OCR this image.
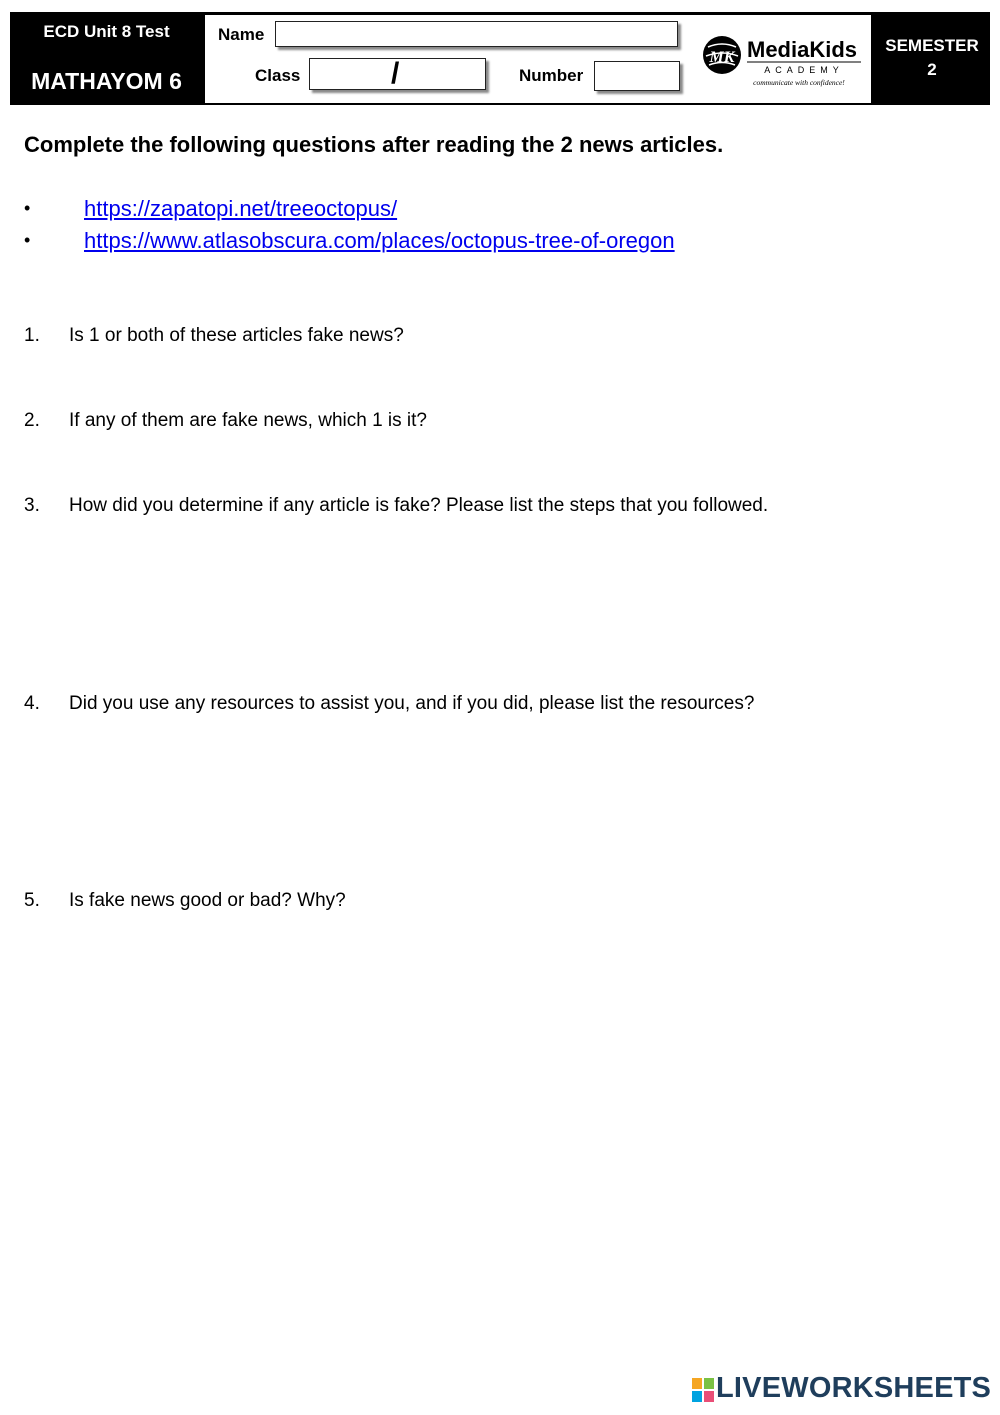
ECD Unit 8 Test
MATHAYOM 6
Name
Class	/	Number
MK MediaKids
ACADEMY
communicate with confidence!
SEMESTER
2

Complete the following questions after reading the 2 news articles.

• https://zapatopi.net/treeoctopus/
• https://www.atlasobscura.com/places/octopus-tree-of-oregon
1. Is 1 or both of these articles fake news?
2. If any of them are fake news, which 1 is it?
3. How did you determine if any article is fake? Please list the steps that you followed.
4. Did you use any resources to assist you, and if you did, please list the resources?
5. Is fake news good or bad? Why?
LIVEWORKSHEETS
